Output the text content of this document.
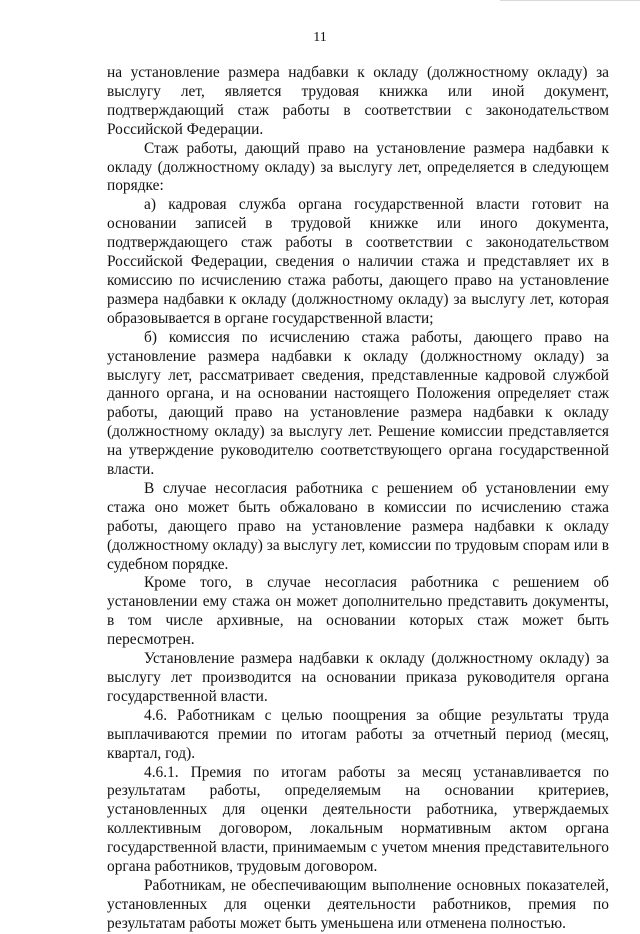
11

на установление размера надбавки к окладу (должностному окладу) за выслугу лет, является трудовая книжка или иной документ, подтверждающий стаж работы в соответствии с законодательством Российской Федерации.

Стаж работы, дающий право на установление размера надбавки к окладу (должностному окладу) за выслугу лет, определяется в следующем порядке:

а) кадровая служба органа государственной власти готовит на основании записей в трудовой книжке или иного документа, подтверждающего стаж работы в соответствии с законодательством Российской Федерации, сведения о наличии стажа и представляет их в комиссию по исчислению стажа работы, дающего право на установление размера надбавки к окладу (должностному окладу) за выслугу лет, которая образовывается в органе государственной власти;

б) комиссия по исчислению стажа работы, дающего право на установление размера надбавки к окладу (должностному окладу) за выслугу лет, рассматривает сведения, представленные кадровой службой данного органа, и на основании настоящего Положения определяет стаж работы, дающий право на установление размера надбавки к окладу (должностному окладу) за выслугу лет. Решение комиссии представляется на утверждение руководителю соответствующего органа государственной власти.

В случае несогласия работника с решением об установлении ему стажа оно может быть обжаловано в комиссии по исчислению стажа работы, дающего право на установление размера надбавки к окладу (должностному окладу) за выслугу лет, комиссии по трудовым спорам или в судебном порядке.

Кроме того, в случае несогласия работника с решением об установлении ему стажа он может дополнительно представить документы, в том числе архивные, на основании которых стаж может быть пересмотрен.

Установление размера надбавки к окладу (должностному окладу) за выслугу лет производится на основании приказа руководителя органа государственной власти.

4.6. Работникам с целью поощрения за общие результаты труда выплачиваются премии по итогам работы за отчетный период (месяц, квартал, год).

4.6.1. Премия по итогам работы за месяц устанавливается по результатам работы, определяемым на основании критериев, установленных для оценки деятельности работника, утверждаемых коллективным договором, локальным нормативным актом органа государственной власти, принимаемым с учетом мнения представительного органа работников, трудовым договором.

Работникам, не обеспечивающим выполнение основных показателей, установленных для оценки деятельности работников, премия по результатам работы может быть уменьшена или отменена полностью.
